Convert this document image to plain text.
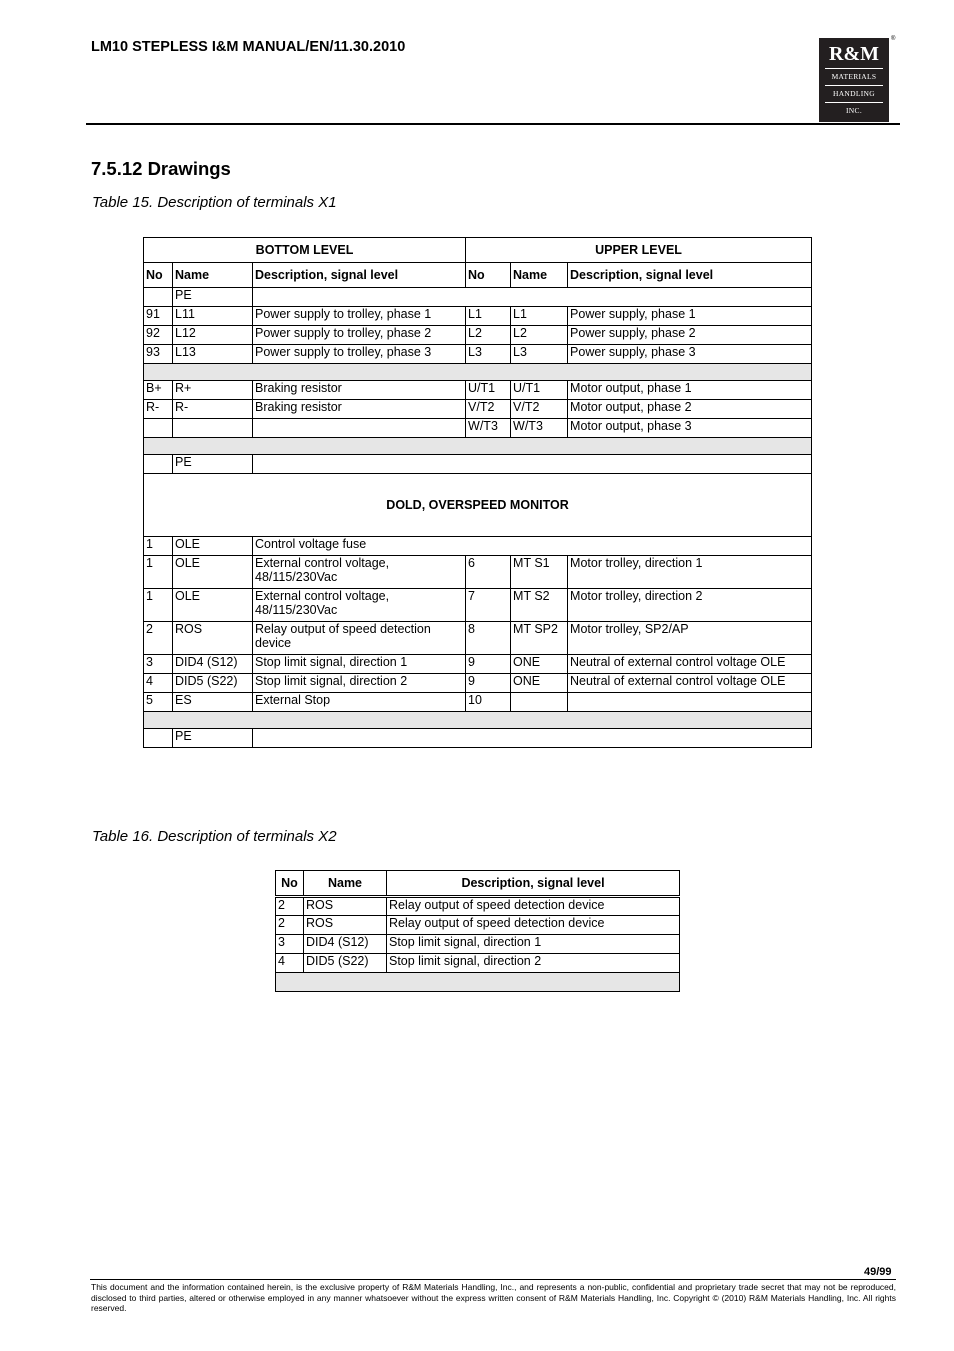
LM10 STEPLESS I&M MANUAL/EN/11.30.2010	R&M
MATERIALS
HANDLING
INC.
®
7.5.12 Drawings
Table 15. Description of terminals X1
BOTTOM LEVEL			UPPER LEVEL		
No	Name	Description, signal level	No	Name	Description, signal level
	PE				
91	L11	Power supply to trolley, phase 1	L1	L1	Power supply, phase 1
92	L12	Power supply to trolley, phase 2	L2	L2	Power supply, phase 2
93	L13	Power supply to trolley, phase 3	L3	L3	Power supply, phase 3

B+	R+	Braking resistor	U/T1	U/T1	Motor output, phase 1
R-	R-	Braking resistor	V/T2	V/T2	Motor output, phase 2
			W/T3	W/T3	Motor output, phase 3

	PE				
DOLD, OVERSPEED MONITOR					
1	OLE	Control voltage fuse			
1	OLE	External control voltage, 48/115/230Vac	6	MT S1	Motor trolley, direction 1
1	OLE	External control voltage, 48/115/230Vac	7	MT S2	Motor trolley, direction 2
2	ROS	Relay output of speed detection device	8	MT SP2	Motor trolley, SP2/AP
3	DID4 (S12)	Stop limit signal, direction 1	9	ONE	Neutral of external control voltage OLE
4	DID5 (S22)	Stop limit signal, direction 2	9	ONE	Neutral of external control voltage OLE
5	ES	External Stop	10		

	PE				
Table 16. Description of terminals X2
No	Name	Description, signal level
2	ROS	Relay output of speed detection device
2	ROS	Relay output of speed detection device
3	DID4 (S12)	Stop limit signal, direction 1
4	DID5 (S22)	Stop limit signal, direction 2

49/99
This document and the information contained herein, is the exclusive property of R&M Materials Handling, Inc., and represents a non-public, confidential and proprietary trade secret that may not be reproduced, disclosed to third parties, altered or otherwise employed in any manner whatsoever without the express written consent of R&M Materials Handling, Inc. Copyright © (2010) R&M Materials Handling, Inc. All rights reserved.
